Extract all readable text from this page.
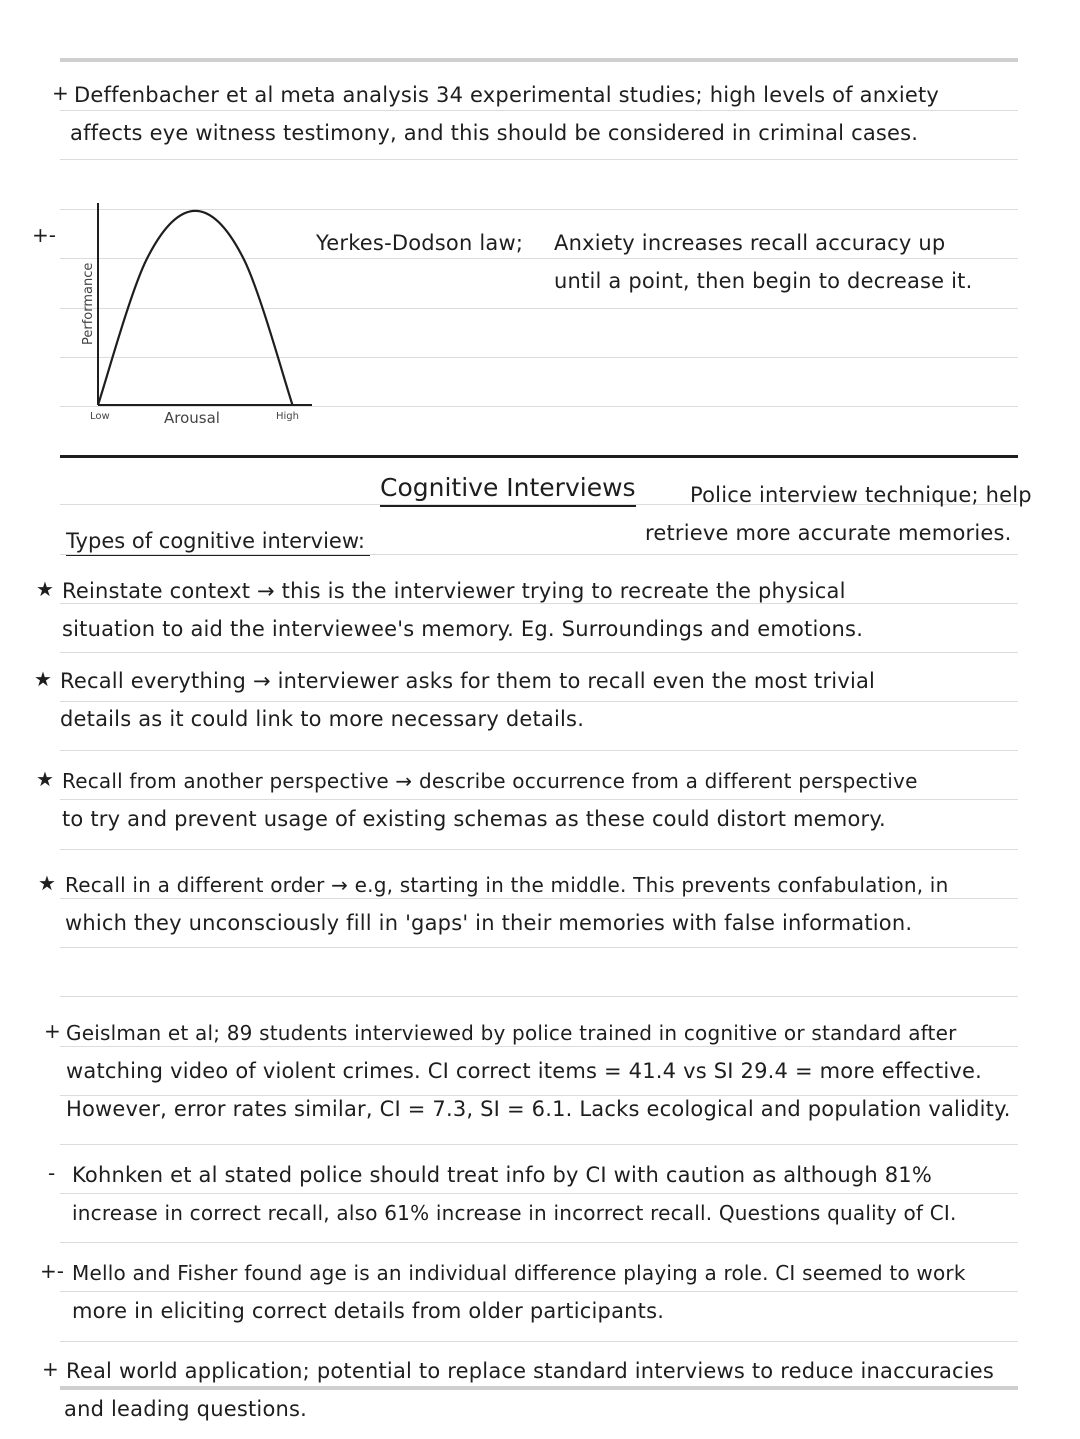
+ Deffenbacher et al meta analysis 34 experimental studies; high levels of anxiety
affects eye witness testimony, and this should be considered in criminal cases.
+-
Performance
Arousal
Low	High
Yerkes-Dodson law; Anxiety increases recall accuracy up
until a point, then begin to decrease it.
Cognitive Interviews	Police interview technique; help
retrieve more accurate memories.
Types of cognitive interview:
★ Reinstate context → this is the interviewer trying to recreate the physical
situation to aid the interviewee's memory. Eg. Surroundings and emotions.
★ Recall everything → interviewer asks for them to recall even the most trivial
details as it could link to more necessary details.
★ Recall from another perspective → describe occurrence from a different perspective
to try and prevent usage of existing schemas as these could distort memory.
★ Recall in a different order → e.g, starting in the middle. This prevents confabulation, in
which they unconsciously fill in 'gaps' in their memories with false information.
+ Geislman et al; 89 students interviewed by police trained in cognitive or standard after
watching video of violent crimes. CI correct items = 41.4 vs SI 29.4 = more effective.
However, error rates similar, CI = 7.3, SI = 6.1. Lacks ecological and population validity.
- Kohnken et al stated police should treat info by CI with caution as although 81%
increase in correct recall, also 61% increase in incorrect recall. Questions quality of CI.
+- Mello and Fisher found age is an individual difference playing a role. CI seemed to work
more in eliciting correct details from older participants.
+ Real world application; potential to replace standard interviews to reduce inaccuracies
and leading questions.
